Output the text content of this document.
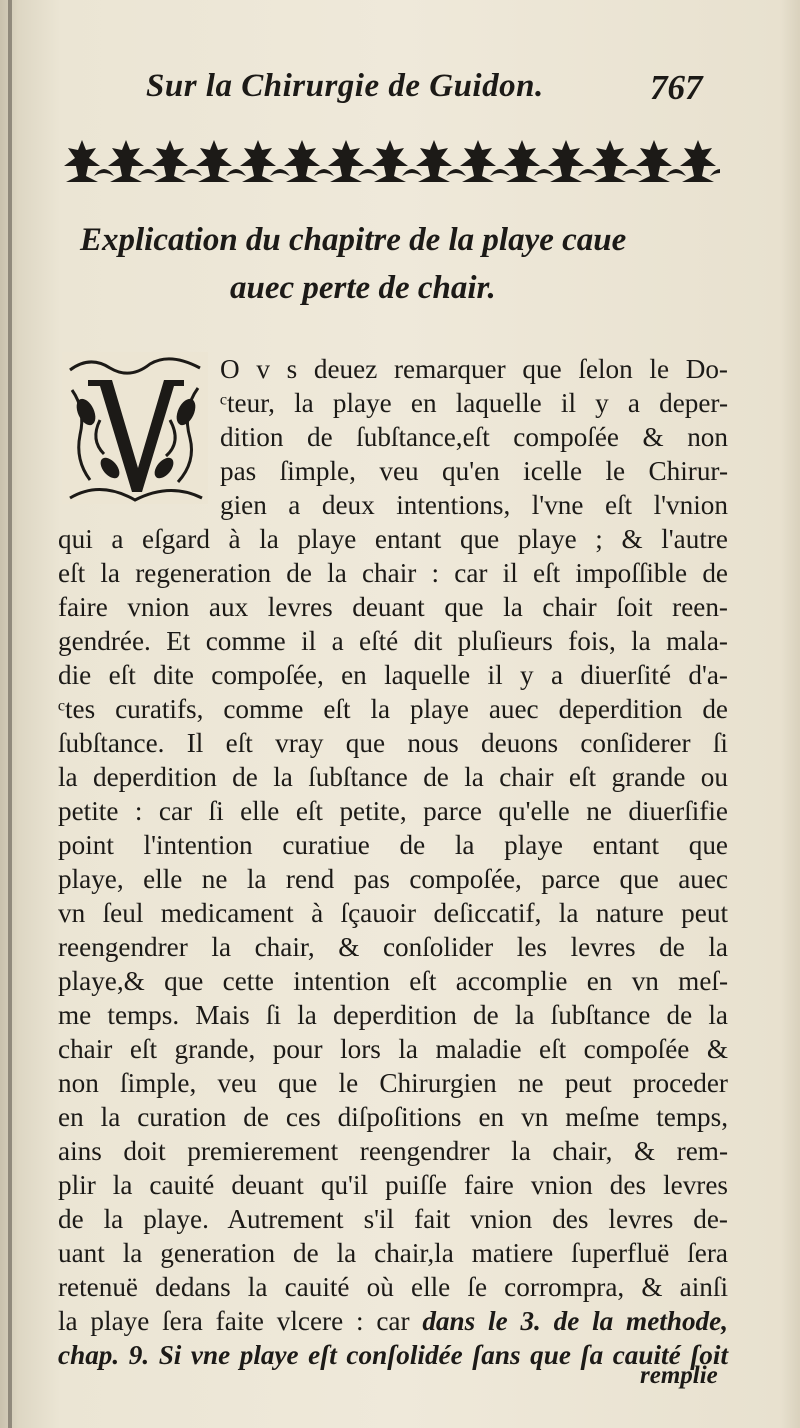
Sur la Chirurgie de Guidon.	767
Explication du chapitre de la playe caue
auec perte de chair.
O v s deuez remarquer que ſelon le Do-
ᶜteur, la playe en laquelle il y a deper-
dition de ſubſtance,eſt compoſée & non
pas ſimple, veu qu'en icelle le Chirur-
gien a deux intentions, l'vne eſt l'vnion
qui a eſgard à la playe entant que playe ; & l'autre
eſt la regeneration de la chair : car il eſt impoſſible de
faire vnion aux levres deuant que la chair ſoit reen-
gendrée. Et comme il a eſté dit pluſieurs fois, la mala-
die eſt dite compoſée, en laquelle il y a diuerſité d'a-
ᶜtes curatifs, comme eſt la playe auec deperdition de
ſubſtance. Il eſt vray que nous deuons conſiderer ſi
la deperdition de la ſubſtance de la chair eſt grande ou
petite : car ſi elle eſt petite, parce qu'elle ne diuerſifie
point l'intention curatiue de la playe entant que
playe, elle ne la rend pas compoſée, parce que auec
vn ſeul medicament à ſçauoir deſiccatif, la nature peut
reengendrer la chair, & conſolider les levres de la
playe,& que cette intention eſt accomplie en vn meſ-
me temps. Mais ſi la deperdition de la ſubſtance de la
chair eſt grande, pour lors la maladie eſt compoſée &
non ſimple, veu que le Chirurgien ne peut proceder
en la curation de ces diſpoſitions en vn meſme temps,
ains doit premierement reengendrer la chair, & rem-
plir la cauité deuant qu'il puiſſe faire vnion des levres
de la playe. Autrement s'il fait vnion des levres de-
uant la generation de la chair,la matiere ſuperfluë ſera
retenuë dedans la cauité où elle ſe corrompra, & ainſi
la playe ſera faite vlcere : car dans le 3. de la methode,
chap. 9. Si vne playe eſt conſolidée ſans que ſa cauité ſoit
remplie
